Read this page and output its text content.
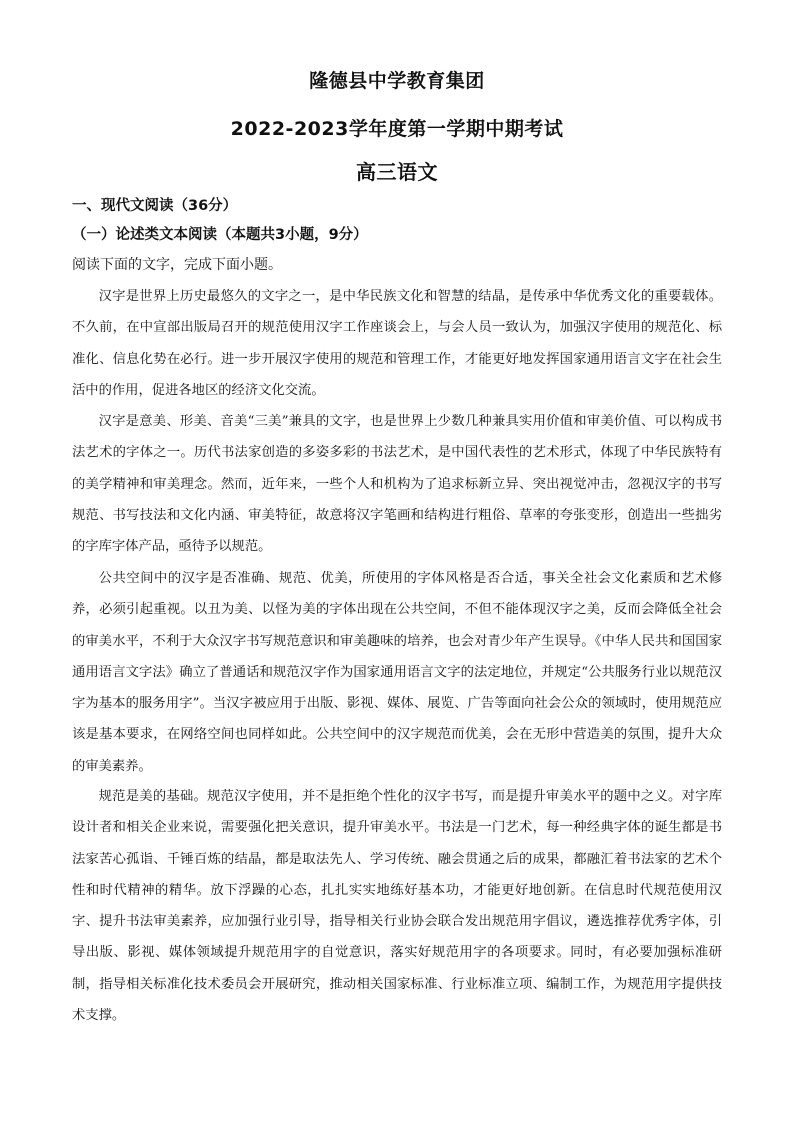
隆德县中学教育集团
2022-2023学年度第一学期中期考试
高三语文
一、现代文阅读（36分）
（一）论述类文本阅读（本题共3小题，9分）
阅读下面的文字，完成下面小题。
汉字是世界上历史最悠久的文字之一，是中华民族文化和智慧的结晶，是传承中华优秀文化的重要载体。不久前，在中宣部出版局召开的规范使用汉字工作座谈会上，与会人员一致认为，加强汉字使用的规范化、标准化、信息化势在必行。进一步开展汉字使用的规范和管理工作，才能更好地发挥国家通用语言文字在社会生活中的作用，促进各地区的经济文化交流。
汉字是意美、形美、音美“三美”兼具的文字，也是世界上少数几种兼具实用价值和审美价值、可以构成书法艺术的字体之一。历代书法家创造的多姿多彩的书法艺术，是中国代表性的艺术形式，体现了中华民族特有的美学精神和审美理念。然而，近年来，一些个人和机构为了追求标新立异、突出视觉冲击，忽视汉字的书写规范、书写技法和文化内涵、审美特征，故意将汉字笔画和结构进行粗俗、草率的夸张变形，创造出一些拙劣的字库字体产品，亟待予以规范。
公共空间中的汉字是否准确、规范、优美，所使用的字体风格是否合适，事关全社会文化素质和艺术修养，必须引起重视。以丑为美、以怪为美的字体出现在公共空间，不但不能体现汉字之美，反而会降低全社会的审美水平，不利于大众汉字书写规范意识和审美趣味的培养，也会对青少年产生误导。《中华人民共和国国家通用语言文字法》确立了普通话和规范汉字作为国家通用语言文字的法定地位，并规定“公共服务行业以规范汉字为基本的服务用字”。当汉字被应用于出版、影视、媒体、展览、广告等面向社会公众的领域时，使用规范应该是基本要求，在网络空间也同样如此。公共空间中的汉字规范而优美，会在无形中营造美的氛围，提升大众的审美素养。
规范是美的基础。规范汉字使用，并不是拒绝个性化的汉字书写，而是提升审美水平的题中之义。对字库设计者和相关企业来说，需要强化把关意识，提升审美水平。书法是一门艺术，每一种经典字体的诞生都是书法家苦心孤诣、千锤百炼的结晶，都是取法先人、学习传统、融会贯通之后的成果，都融汇着书法家的艺术个性和时代精神的精华。放下浮躁的心态，扎扎实实地练好基本功，才能更好地创新。在信息时代规范使用汉字、提升书法审美素养，应加强行业引导，指导相关行业协会联合发出规范用字倡议，遴选推荐优秀字体，引导出版、影视、媒体领域提升规范用字的自觉意识，落实好规范用字的各项要求。同时，有必要加强标准研制，指导相关标准化技术委员会开展研究，推动相关国家标准、行业标准立项、编制工作，为规范用字提供技术支撑。
